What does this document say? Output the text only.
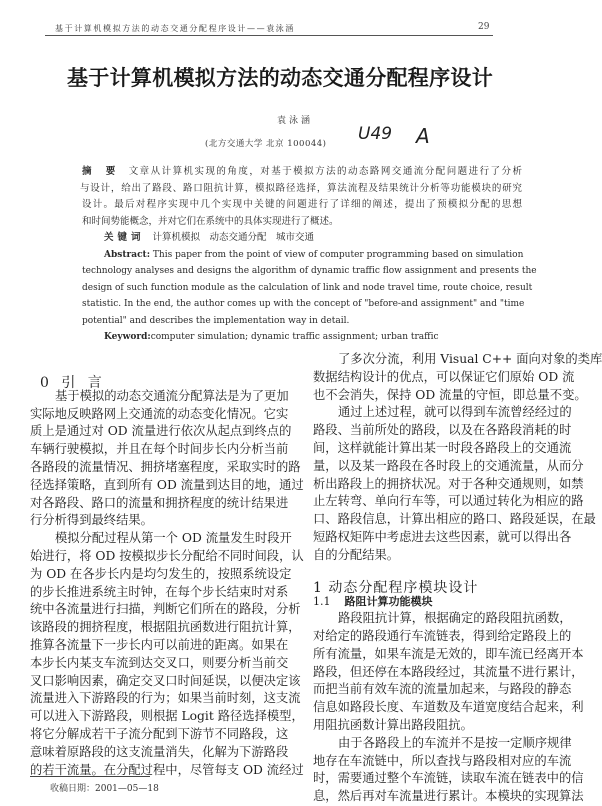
基于计算机模拟方法的动态交通分配程序设计——袁泳涵	29
基于计算机模拟方法的动态交通分配程序设计
袁泳涵
(北方交通大学 北京 100044) U49 A
摘 要 文章从计算机实现的角度，对基于模拟方法的动态路网交通流分配问题进行了分析
与设计，给出了路段、路口阻抗计算，模拟路径选择，算法流程及结果统计分析等功能模块的研究
设计。最后对程序实现中几个实现中关键的问题进行了详细的阐述，提出了预模拟分配的思想
和时间势能概念，并对它们在系统中的具体实现进行了概述。
关键词 计算机模拟　动态交通分配　城市交通
Abstract: This paper from the point of view of computer programming based on simulation
technology analyses and designs the algorithm of dynamic traffic flow assignment and presents the
design of such function module as the calculation of link and node travel time, route choice, result
statistic. In the end, the author comes up with the concept of "before-and assignment" and "time
potential" and describes the implementation way in detail.
Keyword:computer simulation; dynamic traffic assignment; urban traffic
0 引 言
基于模拟的动态交通流分配算法是为了更加
实际地反映路网上交通流的动态变化情况。它实
质上是通过对 OD 流量进行依次从起点到终点的
车辆行驶模拟，并且在每个时间步长内分析当前
各路段的流量情况、拥挤堵塞程度，采取实时的路
径选择策略，直到所有 OD 流量到达目的地，通过
对各路段、路口的流量和拥挤程度的统计结果进
行分析得到最终结果。
模拟分配过程从第一个 OD 流量发生时段开
始进行，将 OD 按模拟步长分配给不同时间段，认
为 OD 在各步长内是均匀发生的，按照系统设定
的步长推进系统主时钟，在每个步长结束时对系
统中各流量进行扫描，判断它们所在的路段，分析
该路段的拥挤程度，根据阻抗函数进行阻抗计算，
推算各流量下一步长内可以前进的距离。如果在
本步长内某支车流到达交叉口，则要分析当前交
叉口影响因素，确定交叉口时间延误，以便决定该
流量进入下游路段的行为；如果当前时刻，这支流
可以进入下游路段，则根据 Logit 路径选择模型，
将它分解成若干子流分配到下游节不同路段，这
意味着原路段的这支流量消失，化解为下游路段
的若干流量。在分配过程中，尽管每支 OD 流经过
了多次分流，利用 Visual C++ 面向对象的类库
数据结构设计的优点，可以保证它们原始 OD 流
也不会消失，保持 OD 流量的守恒，即总量不变。
通过上述过程，就可以得到车流曾经经过的
路段、当前所处的路段，以及在各路段消耗的时
间，这样就能计算出某一时段各路段上的交通流
量，以及某一路段在各时段上的交通流量，从而分
析出路段上的拥挤状况。对于各种交通规则，如禁
止左转弯、单向行车等，可以通过转化为相应的路
口、路段信息，计算出相应的路口、路段延误，在最
短路权矩阵中考虑进去这些因素，就可以得出各
自的分配结果。
1 动态分配程序模块设计
1.1 路阻计算功能模块
路段阻抗计算，根据确定的路段阻抗函数，
对给定的路段通行车流链表，得到给定路段上的
所有流量，如果车流是无效的，即车流已经离开本
路段，但还停在本路段经过，其流量不进行累计，
而把当前有效车流的流量加起来，与路段的静态
信息如路段长度、车道数及车道宽度结合起来，利
用阻抗函数计算出路段阻抗。
由于各路段上的车流并不是按一定顺序规律
地存在车流链中，所以查找与路段相对应的车流
时，需要通过整个车流链，读取车流在链表中的信
息，然后再对车流量进行累计。本模块的实现算法
收稿日期：2001—05—18
